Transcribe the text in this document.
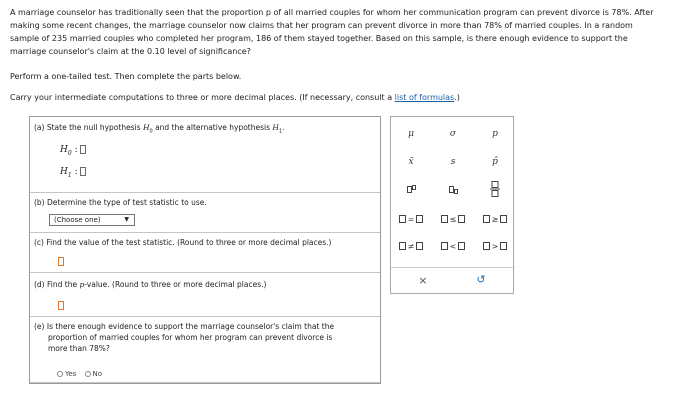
A marriage counselor has traditionally seen that the proportion p of all married couples for whom her communication program can prevent divorce is 78%. After
making some recent changes, the marriage counselor now claims that her program can prevent divorce in more than 78% of married couples. In a random
sample of 235 married couples who completed her program, 186 of them stayed together. Based on this sample, is there enough evidence to support the
marriage counselor's claim at the 0.10 level of significance?
Perform a one-tailed test. Then complete the parts below.
Carry your intermediate computations to three or more decimal places. (If necessary, consult a list of formulas.)
(a) State the null hypothesis $H_0$ and the alternative hypothesis $H_1$.
$H_0$ :
$H_1$ :
(b) Determine the type of test statistic to use.
(Choose one)	▼
(c) Find the value of the test statistic. (Round to three or more decimal places.)
(d) Find the p-value. (Round to three or more decimal places.)
(e) Is there enough evidence to support the marriage counselor's claim that the
proportion of married couples for whom her program can prevent divorce is
more than 78%?
Yes No
μ	σ	p
x̄	s	p̂
=	≤	≥
≠	<	>
×	↺
